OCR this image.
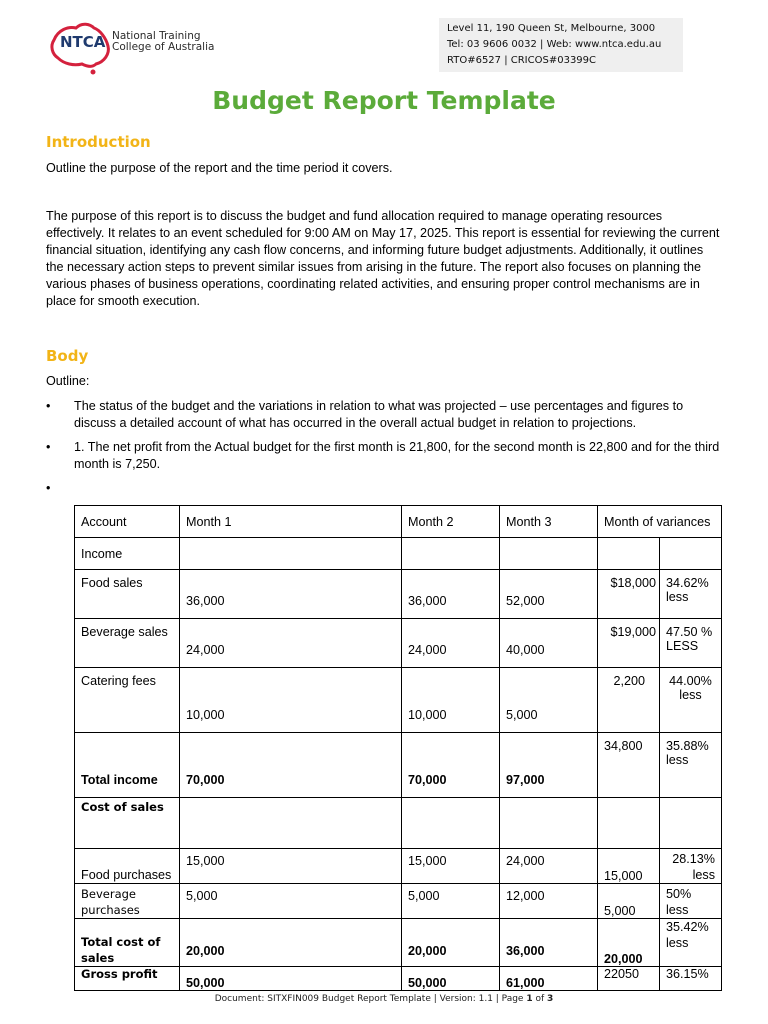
NTCA National Training
College of Australia
Level 11, 190 Queen St, Melbourne, 3000
Tel: 03 9606 0032 | Web: www.ntca.edu.au
RTO#6527 | CRICOS#03399C
Budget Report Template
Introduction
Outline the purpose of the report and the time period it covers.
The purpose of this report is to discuss the budget and fund allocation required to manage operating resources effectively. It relates to an event scheduled for 9:00 AM on May 17, 2025. This report is essential for reviewing the current financial situation, identifying any cash flow concerns, and informing future budget adjustments. Additionally, it outlines the necessary action steps to prevent similar issues from arising in the future. The report also focuses on planning the various phases of business operations, coordinating related activities, and ensuring proper control mechanisms are in place for smooth execution.
Body
Outline:
• The status of the budget and the variations in relation to what was projected – use percentages and figures to discuss a detailed account of what has occurred in the overall actual budget in relation to projections.
• 1. The net profit from the Actual budget for the first month is 21,800, for the second month is 22,800 and for the third month is 7,250.
•
Account	Month 1	Month 2	Month 3	Month of variances	
Income					
Food sales	36,000	36,000	52,000	$18,000	34.62% less
Beverage sales	24,000	24,000	40,000	$19,000	47.50 % LESS
Catering fees	10,000	10,000	5,000	2,200	44.00% less
Total income	70,000	70,000	97,000	34,800	35.88% less
Cost of sales					
Food purchases	15,000	15,000	24,000	15,000	28.13% less
Beverage purchases	5,000	5,000	12,000	5,000	50% less
Total cost of sales	20,000	20,000	36,000	20,000	35.42% less
Gross profit	50,000	50,000	61,000	22050	36.15%
Document: SITXFIN009 Budget Report Template | Version: 1.1 | Page 1 of 3
